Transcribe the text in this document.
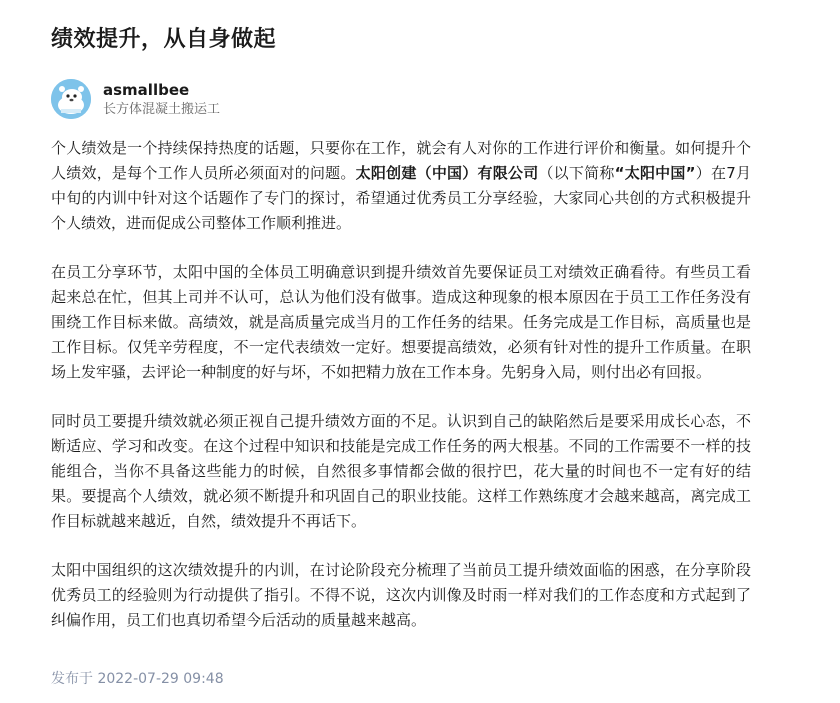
绩效提升，从自身做起
asmallbee
长方体混凝土搬运工

个人绩效是一个持续保持热度的话题，只要你在工作，就会有人对你的工作进行评价和衡量。如何提升个人绩效，是每个工作人员所必须面对的问题。太阳创建（中国）有限公司（以下简称“太阳中国”）在7月中旬的内训中针对这个话题作了专门的探讨，希望通过优秀员工分享经验，大家同心共创的方式积极提升个人绩效，进而促成公司整体工作顺利推进。

在员工分享环节，太阳中国的全体员工明确意识到提升绩效首先要保证员工对绩效正确看待。有些员工看起来总在忙，但其上司并不认可，总认为他们没有做事。造成这种现象的根本原因在于员工工作任务没有围绕工作目标来做。高绩效，就是高质量完成当月的工作任务的结果。任务完成是工作目标，高质量也是工作目标。仅凭辛劳程度，不一定代表绩效一定好。想要提高绩效，必须有针对性的提升工作质量。在职场上发牢骚，去评论一种制度的好与坏，不如把精力放在工作本身。先躬身入局，则付出必有回报。

同时员工要提升绩效就必须正视自己提升绩效方面的不足。认识到自己的缺陷然后是要采用成长心态，不断适应、学习和改变。在这个过程中知识和技能是完成工作任务的两大根基。不同的工作需要不一样的技能组合，当你不具备这些能力的时候，自然很多事情都会做的很拧巴，花大量的时间也不一定有好的结果。要提高个人绩效，就必须不断提升和巩固自己的职业技能。这样工作熟练度才会越来越高，离完成工作目标就越来越近，自然，绩效提升不再话下。

太阳中国组织的这次绩效提升的内训，在讨论阶段充分梳理了当前员工提升绩效面临的困惑，在分享阶段优秀员工的经验则为行动提供了指引。不得不说，这次内训像及时雨一样对我们的工作态度和方式起到了纠偏作用，员工们也真切希望今后活动的质量越来越高。

发布于 2022-07-29 09:48
